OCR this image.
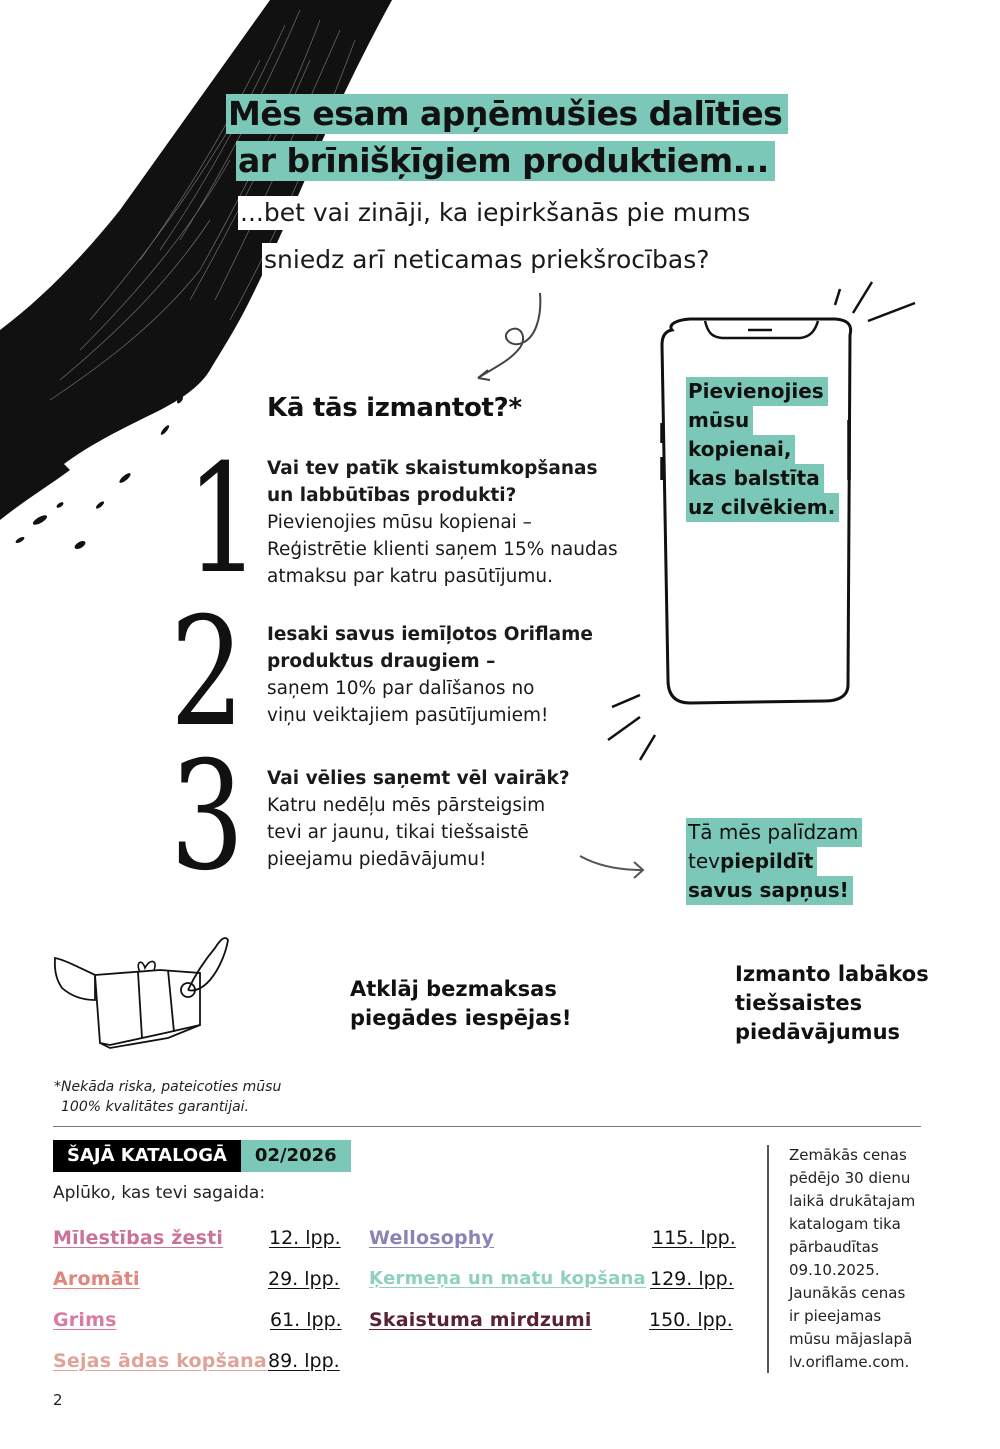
Mēs esam apņēmušies dalīties
ar brīnišķīgiem produktiem...
...bet vai zināji, ka iepirkšanās pie mums
sniedz arī neticamas priekšrocības?
Kā tās izmantot?*
1
2
3
Vai tev patīk skaistumkopšanas
un labbūtības produkti?
Pievienojies mūsu kopienai –
Reģistrētie klienti saņem 15% naudas
atmaksu par katru pasūtījumu.
Iesaki savus iemīļotos Oriflame
produktus draugiem –
saņem 10% par dalīšanos no
viņu veiktajiem pasūtījumiem!
Vai vēlies saņemt vēl vairāk?
Katru nedēļu mēs pārsteigsim
tevi ar jaunu, tikai tiešsaistē
pieejamu piedāvājumu!
Pievienojies
mūsu
kopienai,
kas balstīta
uz cilvēkiem.
Tā mēs palīdzam
tevpiepildīt
savus sapņus!
Atklāj bezmaksas
piegādes iespējas!
Izmanto labākos
tiešsaistes
piedāvājumus
*Nekāda riska, pateicoties mūsu
100% kvalitātes garantijai.
ŠAJĀ KATALOGĀ	02/2026
Aplūko, kas tevi sagaida:
Mīlestības žesti 12. lpp.
Aromāti	29. lpp.
Grims	61. lpp.
Sejas ādas kopšana 89. lpp.
Wellosophy	115. lpp.
Ķermeņa un matu kopšana 129. lpp.
Skaistuma mirdzumi	150. lpp.
Zemākās cenas
pēdējo 30 dienu
laikā drukātajam
katalogam tika
pārbaudītas
09.10.2025.
Jaunākās cenas
ir pieejamas
mūsu mājaslapā
lv.oriflame.com.
2
